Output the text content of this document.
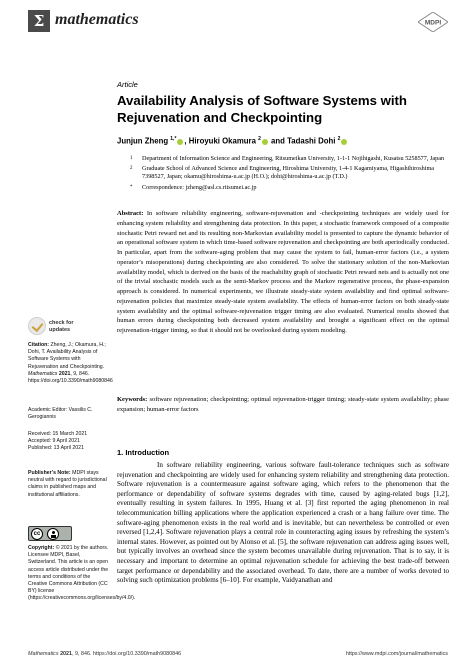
Σ mathematics	MDPI
Article
Availability Analysis of Software Systems with Rejuvenation and Checkpointing
Junjun Zheng $^{1,*}$ , Hiroyuki Okamura $^2$ and Tadashi Dohi $^2$
1 Department of Information Science and Engineering, Ritsumeikan University, 1-1-1 Nojihigashi, Kusatsu 5258577, Japan
2 Graduate School of Advanced Science and Engineering, Hiroshima University, 1-4-1 Kagamiyama, Higashihiroshima 7398527, Japan; okamu@hiroshima-u.ac.jp (H.O.); dohi@hiroshima-u.ac.jp (T.D.)
* Correspondence: jzheng@asl.cs.ritsumei.ac.jp
Abstract: In software reliability engineering, software-rejuvenation and -checkpointing techniques are widely used for enhancing system reliability and strengthening data protection. In this paper, a stochastic framework composed of a composite stochastic Petri reward net and its resulting non-Markovian availability model is presented to capture the dynamic behavior of an operational software system in which time-based software rejuvenation and checkpointing are both aperiodically conducted. In particular, apart from the software-aging problem that may cause the system to fail, human-error factors (i.e., a system operator’s misoperations) during checkpointing are also considered. To solve the stationary solution of the non-Markovian availability model, which is derived on the basis of the reachability graph of stochastic Petri reward nets and is actually not one of the trivial stochastic models such as the semi-Markov process and the Markov regenerative process, the phase-expansion approach is considered. In numerical experiments, we illustrate steady-state system availability and find optimal software-rejuvenation policies that maximize steady-state system availability. The effects of human-error factors on both steady-state system availability and the optimal software-rejuvenation trigger timing are also evaluated. Numerical results showed that human errors during checkpointing both decreased system availability and brought a significant effect on the optimal rejuvenation-trigger timing, so that it should not be overlooked during system modeling.
Keywords: software rejuvenation; checkpointing; optimal rejuvenation-trigger timing; steady-state system availability; phase expansion; human-error factors
check for
updates
Citation: Zheng, J.; Okamura, H.; Dohi, T. Availability Analysis of Software Systems with Rejuvenation and Checkpointing. Mathematics 2021, 9, 846. https://doi.org/10.3390/math9080846
Academic Editor: Vassilis C. Gerogiannis
Received: 15 March 2021
Accepted: 9 April 2021
Published: 13 April 2021
Publisher’s Note: MDPI stays neutral with regard to jurisdictional claims in published maps and institutional affiliations.
cc
Copyright: © 2021 by the authors. Licensee MDPI, Basel, Switzerland. This article is an open access article distributed under the terms and conditions of the Creative Commons Attribution (CC BY) license (https://creativecommons.org/licenses/by/4.0/).
1. Introduction
In software reliability engineering, various software fault-tolerance techniques such as software rejuvenation and checkpointing are widely used for enhancing system reliability and strengthening data protection. Software rejuvenation is a countermeasure against software aging, which refers to the phenomenon that the performance or dependability of software systems degrades with time, caused by aging-related bugs [1,2], eventually resulting in system failures. In 1995, Huang et al. [3] first reported the aging phenomenon in real telecommunication billing applications where the application experienced a crash or a hang failure over time. The software-aging phenomenon exists in the real world and is inevitable, but can nevertheless be controlled or even reversed [1,2,4]. Software rejuvenation plays a central role in counteracting aging issues by refreshing the system’s internal states. However, as pointed out by Alonso et al. [5], the software rejuvenation can address aging issues well, but typically involves an overhead since the system becomes unavailable during rejuvenation. That is to say, it is necessary and important to determine an optimal rejuvenation schedule for achieving the best trade-off between target performance or dependability and the associated overhead. To date, there are a number of works devoted to solving such optimization problems [6–10]. For example, Vaidyanathan and
Mathematics 2021, 9, 846. https://doi.org/10.3390/math9080846	https://www.mdpi.com/journal/mathematics
